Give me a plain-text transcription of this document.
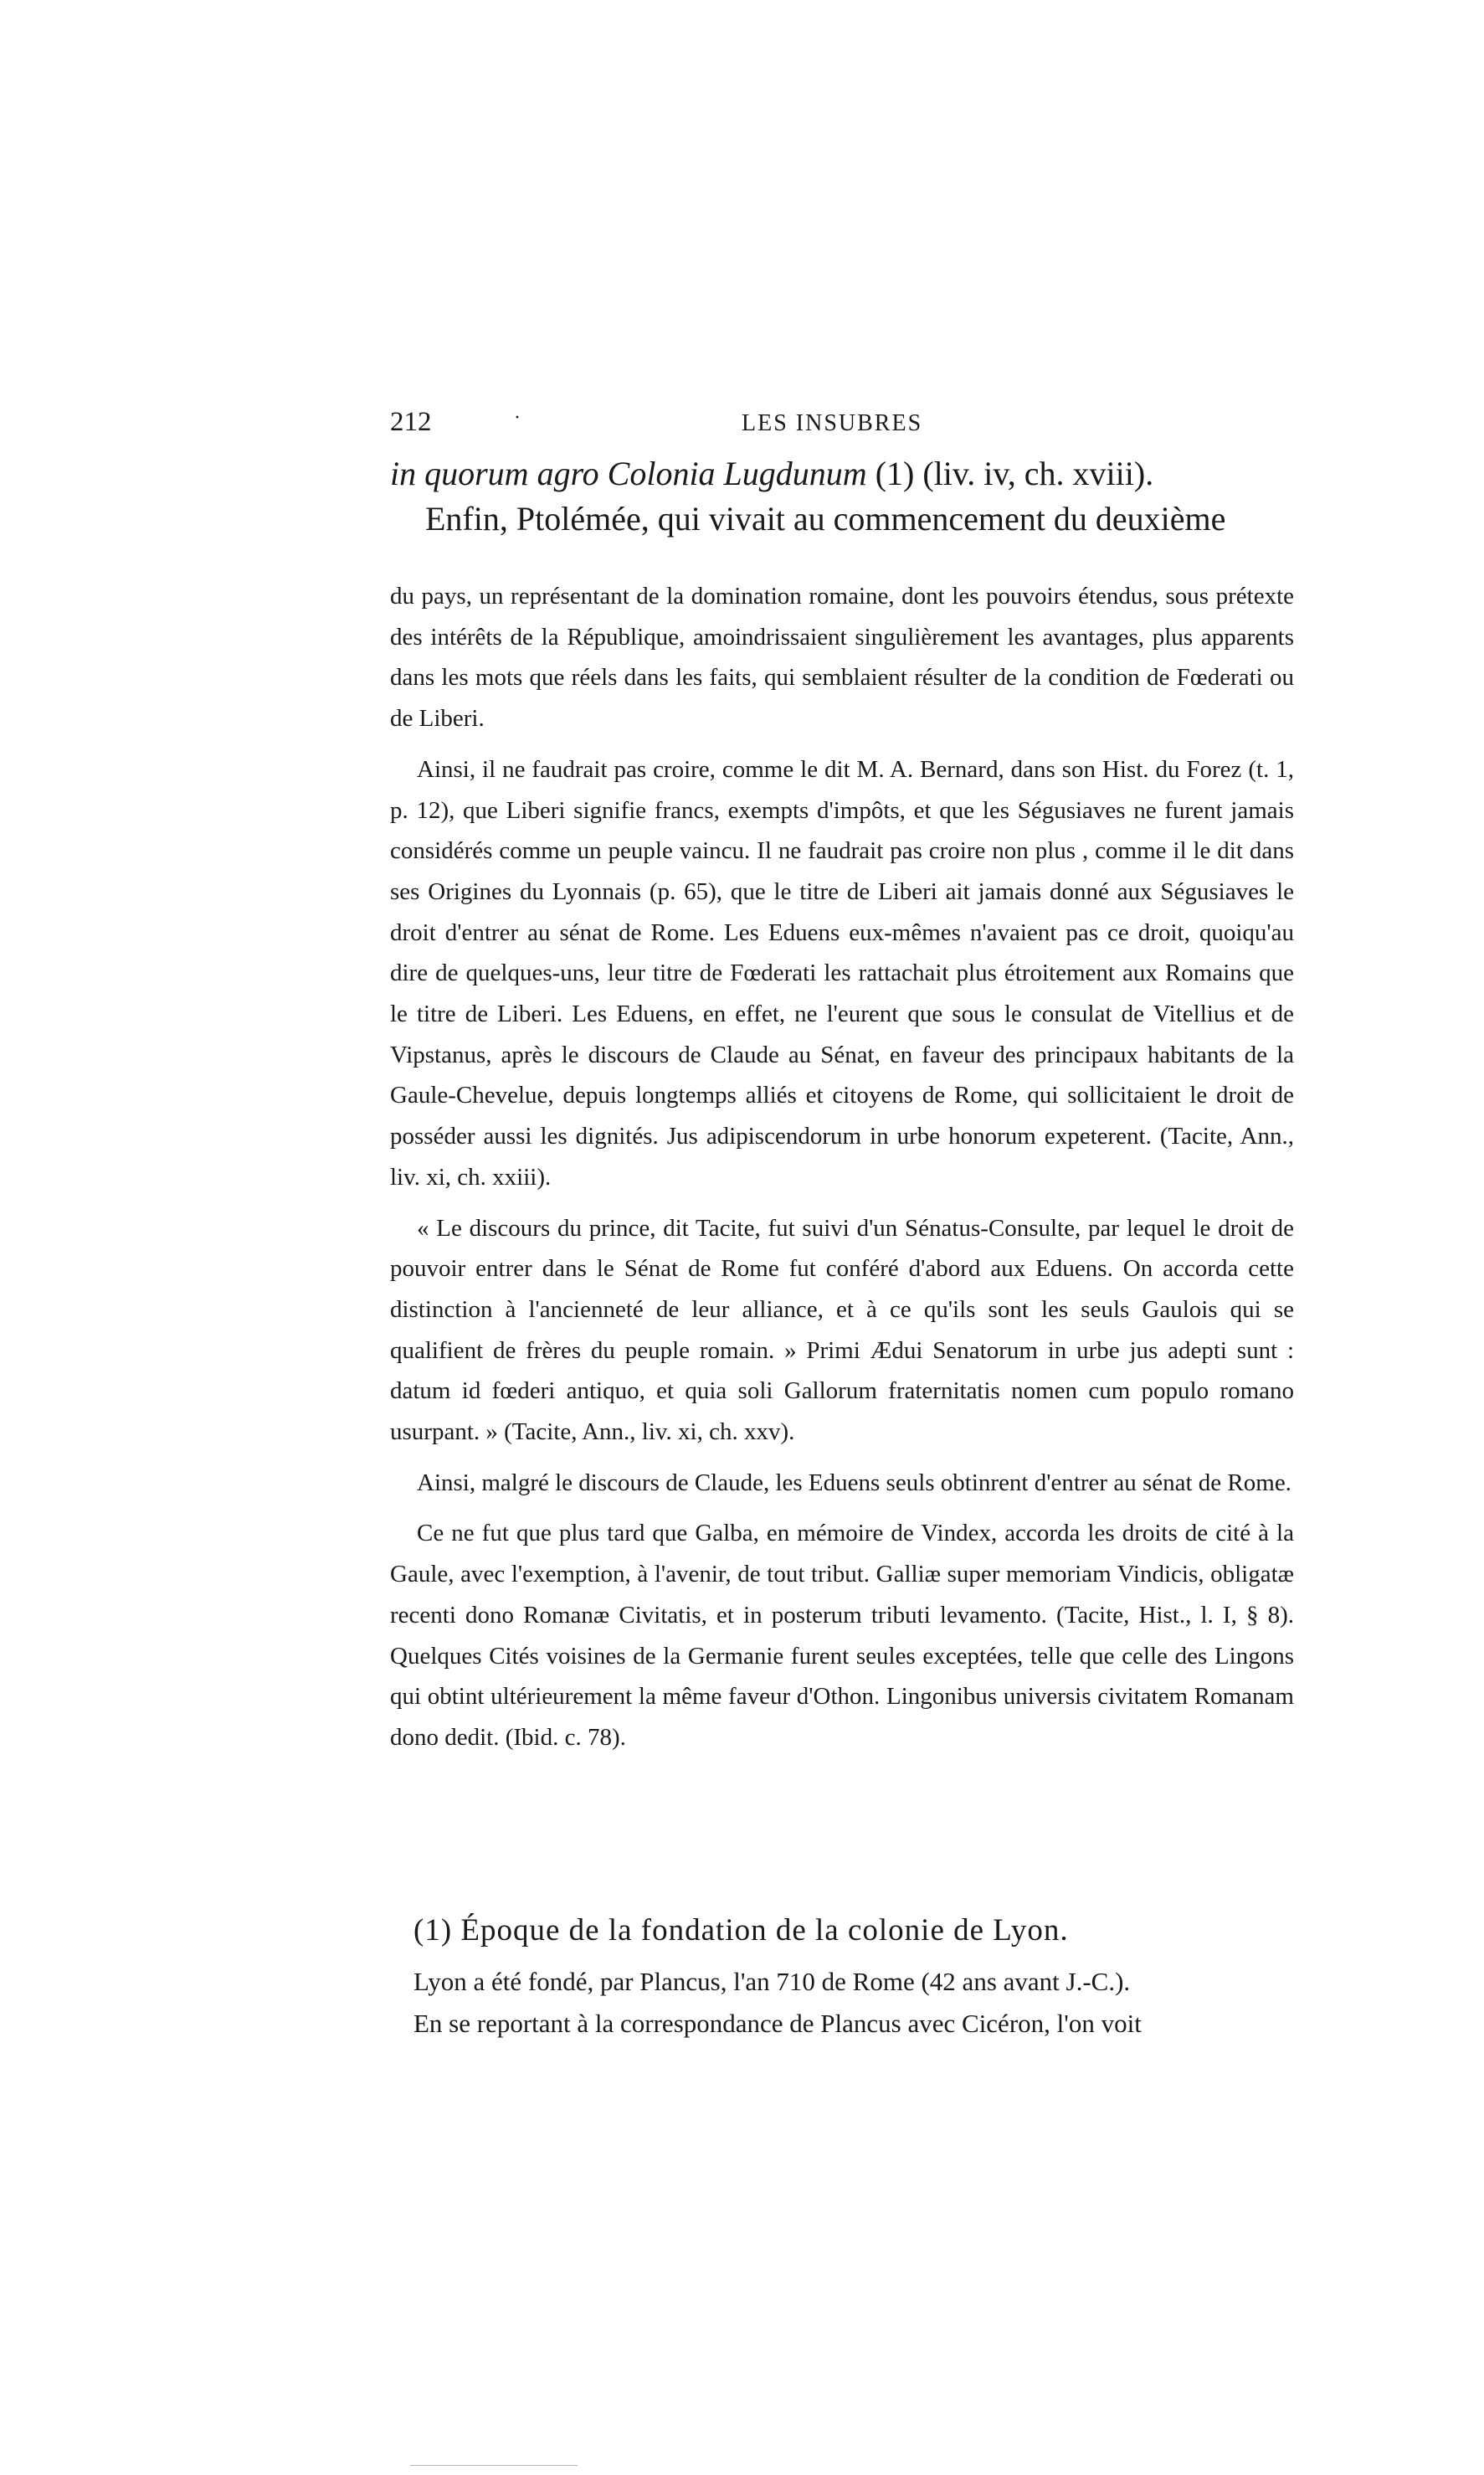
212	·	LES INSUBRES
in quorum agro Colonia Lugdunum (1) (liv. iv, ch. xviii).
Enfin, Ptolémée, qui vivait au commencement du deuxième

du pays, un représentant de la domination romaine, dont les pouvoirs étendus, sous prétexte des intérêts de la République, amoindrissaient singulièrement les avantages, plus apparents dans les mots que réels dans les faits, qui semblaient résulter de la condition de Fœderati ou de Liberi.

Ainsi, il ne faudrait pas croire, comme le dit M. A. Bernard, dans son Hist. du Forez (t. 1, p. 12), que Liberi signifie francs, exempts d'impôts, et que les Ségusiaves ne furent jamais considérés comme un peuple vaincu. Il ne faudrait pas croire non plus , comme il le dit dans ses Origines du Lyonnais (p. 65), que le titre de Liberi ait jamais donné aux Ségusiaves le droit d'entrer au sénat de Rome. Les Eduens eux-mêmes n'avaient pas ce droit, quoiqu'au dire de quelques-uns, leur titre de Fœderati les rattachait plus étroitement aux Romains que le titre de Liberi. Les Eduens, en effet, ne l'eurent que sous le consulat de Vitellius et de Vipstanus, après le discours de Claude au Sénat, en faveur des principaux habitants de la Gaule-Chevelue, depuis longtemps alliés et citoyens de Rome, qui sollicitaient le droit de posséder aussi les dignités. Jus adipiscendorum in urbe honorum expeterent. (Tacite, Ann., liv. xi, ch. xxiii).

« Le discours du prince, dit Tacite, fut suivi d'un Sénatus-Consulte, par lequel le droit de pouvoir entrer dans le Sénat de Rome fut conféré d'abord aux Eduens. On accorda cette distinction à l'ancienneté de leur alliance, et à ce qu'ils sont les seuls Gaulois qui se qualifient de frères du peuple romain. » Primi Ædui Senatorum in urbe jus adepti sunt : datum id fœderi antiquo, et quia soli Gallorum fraternitatis nomen cum populo romano usurpant. » (Tacite, Ann., liv. xi, ch. xxv).

Ainsi, malgré le discours de Claude, les Eduens seuls obtinrent d'entrer au sénat de Rome.

Ce ne fut que plus tard que Galba, en mémoire de Vindex, accorda les droits de cité à la Gaule, avec l'exemption, à l'avenir, de tout tribut. Galliæ super memoriam Vindicis, obligatæ recenti dono Romanæ Civitatis, et in posterum tributi levamento. (Tacite, Hist., l. I, § 8). Quelques Cités voisines de la Germanie furent seules exceptées, telle que celle des Lingons qui obtint ultérieurement la même faveur d'Othon. Lingonibus universis civitatem Romanam dono dedit. (Ibid. c. 78).

(1) Époque de la fondation de la colonie de Lyon.

Lyon a été fondé, par Plancus, l'an 710 de Rome (42 ans avant J.-C.).

En se reportant à la correspondance de Plancus avec Cicéron, l'on voit
